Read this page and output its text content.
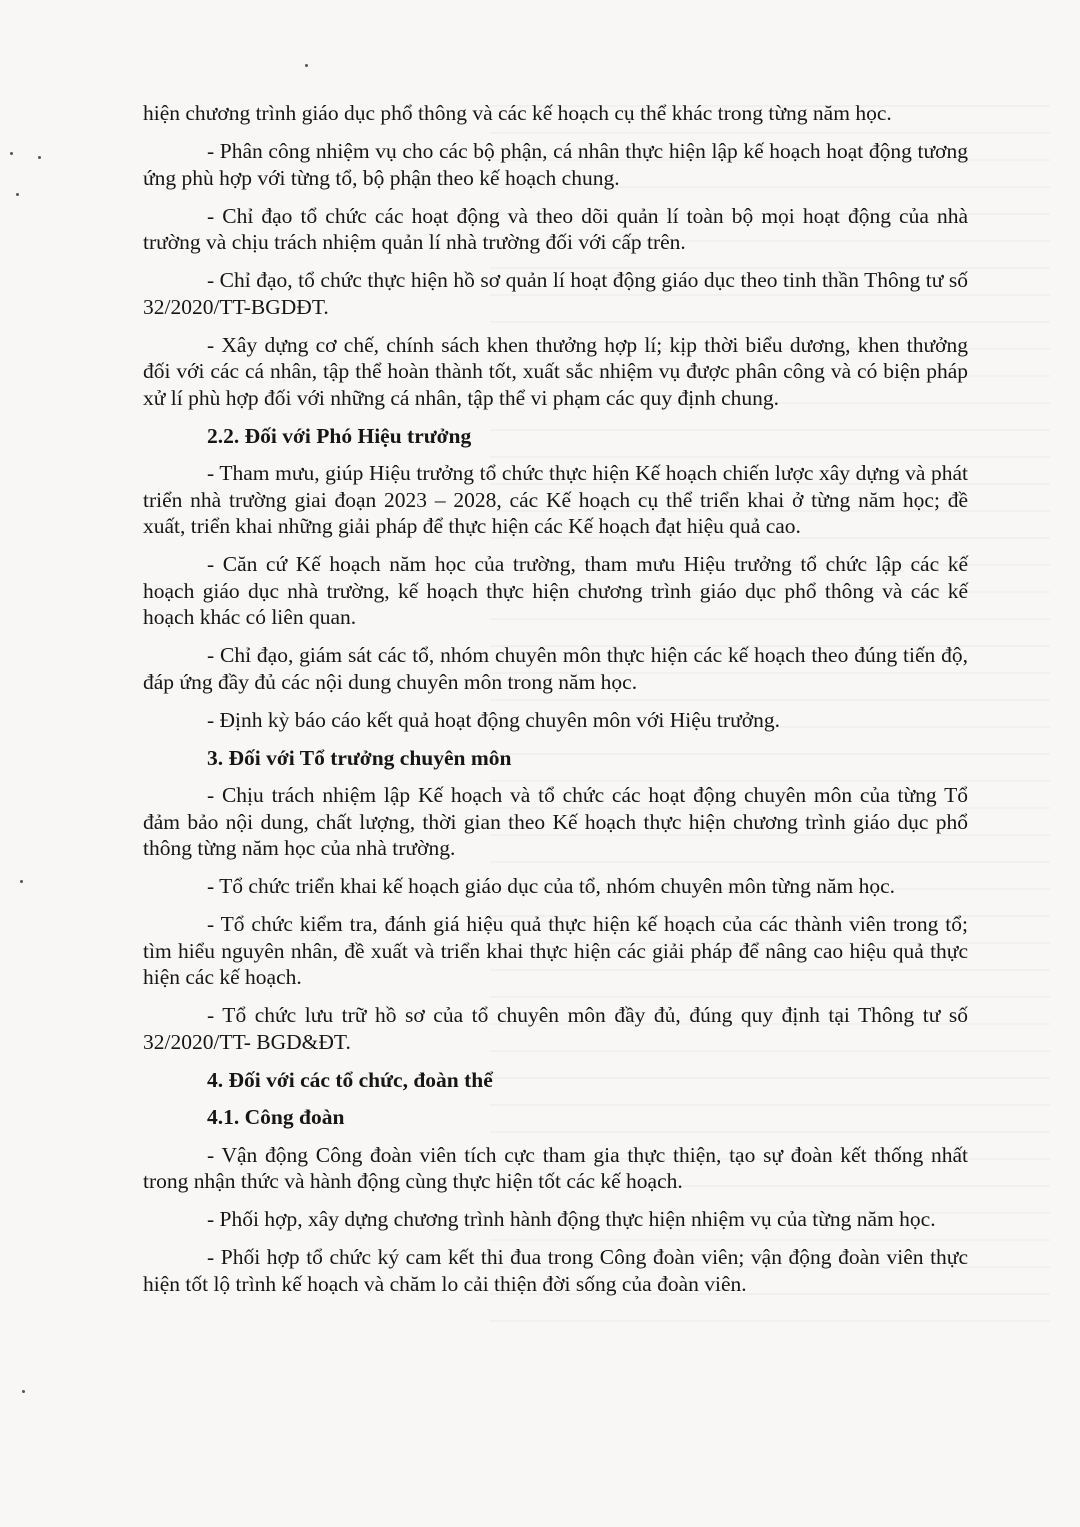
hiện chương trình giáo dục phổ thông và các kế hoạch cụ thể khác trong từng năm học.

- Phân công nhiệm vụ cho các bộ phận, cá nhân thực hiện lập kế hoạch hoạt động tương ứng phù hợp với từng tổ, bộ phận theo kế hoạch chung.

- Chỉ đạo tổ chức các hoạt động và theo dõi quản lí toàn bộ mọi hoạt động của nhà trường và chịu trách nhiệm quản lí nhà trường đối với cấp trên.

- Chỉ đạo, tổ chức thực hiện hồ sơ quản lí hoạt động giáo dục theo tinh thần Thông tư số 32/2020/TT-BGDĐT.

- Xây dựng cơ chế, chính sách khen thưởng hợp lí; kịp thời biểu dương, khen thưởng đối với các cá nhân, tập thể hoàn thành tốt, xuất sắc nhiệm vụ được phân công và có biện pháp xử lí phù hợp đối với những cá nhân, tập thể vi phạm các quy định chung.

2.2. Đối với Phó Hiệu trưởng

- Tham mưu, giúp Hiệu trưởng tổ chức thực hiện Kế hoạch chiến lược xây dựng và phát triển nhà trường giai đoạn 2023 – 2028, các Kế hoạch cụ thể triển khai ở từng năm học; đề xuất, triển khai những giải pháp để thực hiện các Kế hoạch đạt hiệu quả cao.

- Căn cứ Kế hoạch năm học của trường, tham mưu Hiệu trưởng tổ chức lập các kế hoạch giáo dục nhà trường, kế hoạch thực hiện chương trình giáo dục phổ thông và các kế hoạch khác có liên quan.

- Chỉ đạo, giám sát các tổ, nhóm chuyên môn thực hiện các kế hoạch theo đúng tiến độ, đáp ứng đầy đủ các nội dung chuyên môn trong năm học.

- Định kỳ báo cáo kết quả hoạt động chuyên môn với Hiệu trưởng.

3. Đối với Tổ trưởng chuyên môn

- Chịu trách nhiệm lập Kế hoạch và tổ chức các hoạt động chuyên môn của từng Tổ đảm bảo nội dung, chất lượng, thời gian theo Kế hoạch thực hiện chương trình giáo dục phổ thông từng năm học của nhà trường.

- Tổ chức triển khai kế hoạch giáo dục của tổ, nhóm chuyên môn từng năm học.

- Tổ chức kiểm tra, đánh giá hiệu quả thực hiện kế hoạch của các thành viên trong tổ; tìm hiểu nguyên nhân, đề xuất và triển khai thực hiện các giải pháp để nâng cao hiệu quả thực hiện các kế hoạch.

- Tổ chức lưu trữ hồ sơ của tổ chuyên môn đầy đủ, đúng quy định tại Thông tư số 32/2020/TT- BGD&ĐT.

4. Đối với các tổ chức, đoàn thể

4.1. Công đoàn

- Vận động Công đoàn viên tích cực tham gia thực thiện, tạo sự đoàn kết thống nhất trong nhận thức và hành động cùng thực hiện tốt các kế hoạch.

- Phối hợp, xây dựng chương trình hành động thực hiện nhiệm vụ của từng năm học.

- Phối hợp tổ chức ký cam kết thi đua trong Công đoàn viên; vận động đoàn viên thực hiện tốt lộ trình kế hoạch và chăm lo cải thiện đời sống của đoàn viên.
